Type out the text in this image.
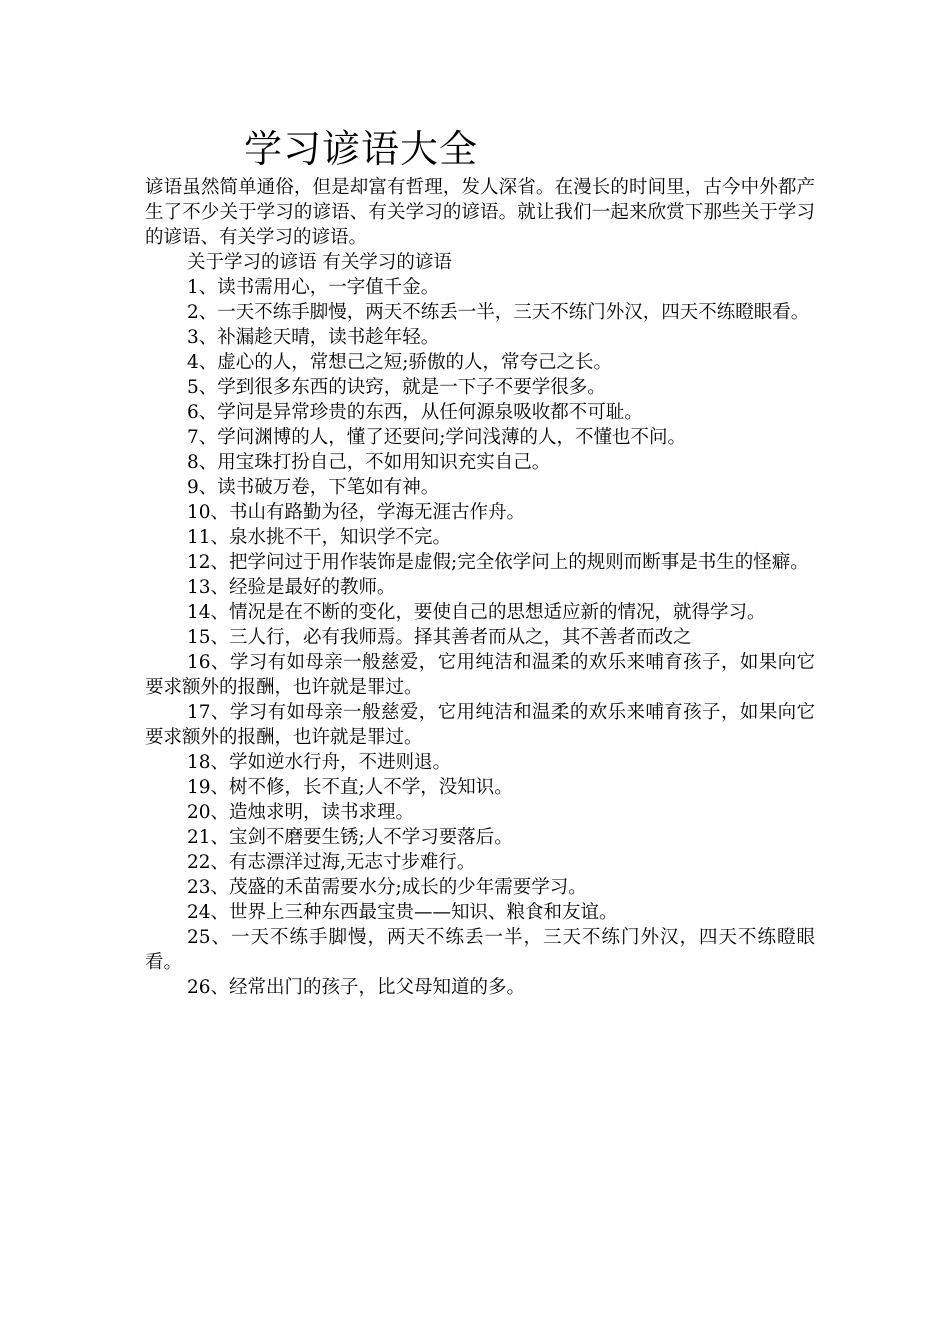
学习谚语大全

谚语虽然简单通俗，但是却富有哲理，发人深省。在漫长的时间里，古今中外都产生了不少关于学习的谚语、有关学习的谚语。就让我们一起来欣赏下那些关于学习的谚语、有关学习的谚语。

关于学习的谚语 有关学习的谚语

1、读书需用心，一字值千金。

2、一天不练手脚慢，两天不练丢一半，三天不练门外汉，四天不练瞪眼看。

3、补漏趁天晴，读书趁年轻。

4、虚心的人，常想己之短;骄傲的人，常夸己之长。

5、学到很多东西的诀窍，就是一下子不要学很多。

6、学问是异常珍贵的东西，从任何源泉吸收都不可耻。

7、学问渊博的人，懂了还要问;学问浅薄的人，不懂也不问。

8、用宝珠打扮自己，不如用知识充实自己。

9、读书破万卷，下笔如有神。

10、书山有路勤为径，学海无涯古作舟。

11、泉水挑不干，知识学不完。

12、把学问过于用作装饰是虚假;完全依学问上的规则而断事是书生的怪癖。

13、经验是最好的教师。

14、情况是在不断的变化，要使自己的思想适应新的情况，就得学习。

15、三人行，必有我师焉。择其善者而从之，其不善者而改之

16、学习有如母亲一般慈爱，它用纯洁和温柔的欢乐来哺育孩子，如果向它要求额外的报酬，也许就是罪过。

17、学习有如母亲一般慈爱，它用纯洁和温柔的欢乐来哺育孩子，如果向它要求额外的报酬，也许就是罪过。

18、学如逆水行舟，不进则退。

19、树不修，长不直;人不学，没知识。

20、造烛求明，读书求理。

21、宝剑不磨要生锈;人不学习要落后。

22、有志漂洋过海,无志寸步难行。

23、茂盛的禾苗需要水分;成长的少年需要学习。

24、世界上三种东西最宝贵——知识、粮食和友谊。

25、一天不练手脚慢，两天不练丢一半，三天不练门外汉，四天不练瞪眼看。

26、经常出门的孩子，比父母知道的多。
